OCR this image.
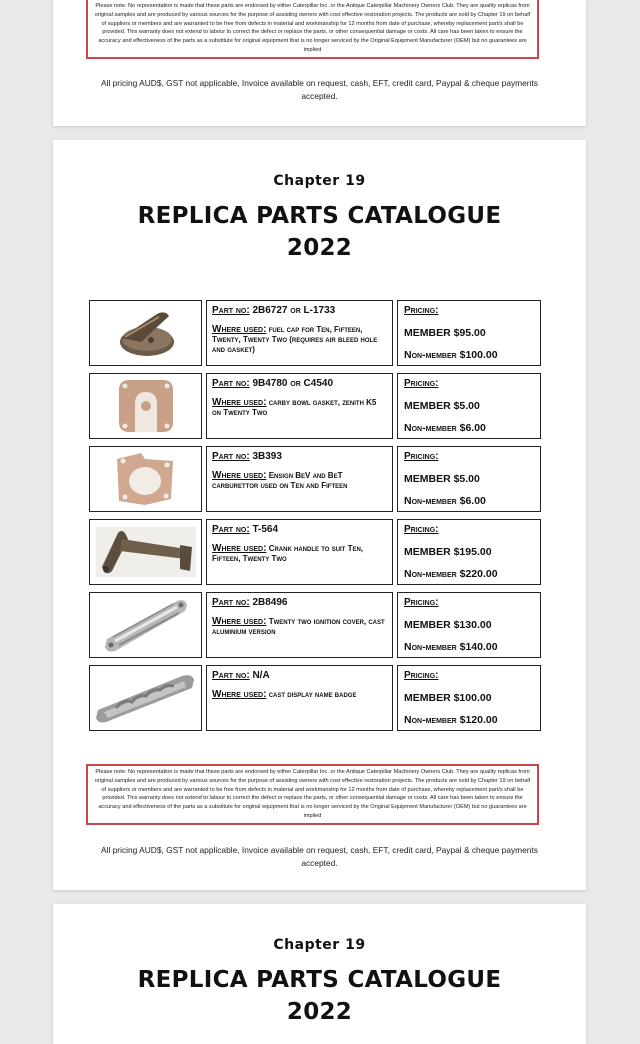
Please note: No representation is made that these parts are endorsed by either Caterpillar Inc. or the Antique Caterpillar Machinery Owners Club. They are quality replicas from original samples and are produced by various sources for the purpose of assisting owners with cost effective restoration projects. The products are sold by Chapter 19 on behalf of suppliers or members and are warranted to be free from defects in material and workmanship for 12 months from date of purchase, whereby replacement part/s shall be provided. This warranty does not extend to labour to correct the defect or replace the parts, or other consequential damage or costs. All care has been taken to ensure the accuracy and effectiveness of the parts as a substitute for original equipment that is no longer serviced by the Original Equipment Manufacturer (OEM) but no guarantees are implied
All pricing AUD$, GST not applicable, Invoice available on request, cash, EFT, credit card, Paypal & cheque payments accepted.
Chapter 19
REPLICA PARTS CATALOGUE
2022
Part no: 2B6727 or L-1733
Where used: fuel cap for Ten, Fifteen, Twenty, Twenty Two (requires air bleed hole and gasket)
Pricing:
MEMBER $95.00
Non-member $100.00
Part no: 9B4780 or C4540
Where used: carby bowl gasket, zenith K5 on Twenty Two
Pricing:
MEMBER $5.00
Non-member $6.00
Part no: 3B393
Where used: Ensign BeV and BeT carburettor used on Ten and Fifteen
Pricing:
MEMBER $5.00
Non-member $6.00
Part no: T-564
Where used: Crank handle to suit Ten, Fifteen, Twenty Two
Pricing:
MEMBER $195.00
Non-member $220.00
Part no: 2B8496
Where used: Twenty two ignition cover, cast aluminium version
Pricing:
MEMBER $130.00
Non-member $140.00
Part no: N/A
Where used: cast display name badge
Pricing:
MEMBER $100.00
Non-member $120.00
Please note: No representation is made that these parts are endorsed by either Caterpillar Inc. or the Antique Caterpillar Machinery Owners Club. They are quality replicas from original samples and are produced by various sources for the purpose of assisting owners with cost effective restoration projects. The products are sold by Chapter 19 on behalf of suppliers or members and are warranted to be free from defects in material and workmanship for 12 months from date of purchase, whereby replacement part/s shall be provided. This warranty does not extend to labour to correct the defect or replace the parts, or other consequential damage or costs. All care has been taken to ensure the accuracy and effectiveness of the parts as a substitute for original equipment that is no longer serviced by the Original Equipment Manufacturer (OEM) but no guarantees are implied
All pricing AUD$, GST not applicable, Invoice available on request, cash, EFT, credit card, Paypal & cheque payments accepted.
Chapter 19
REPLICA PARTS CATALOGUE
2022
